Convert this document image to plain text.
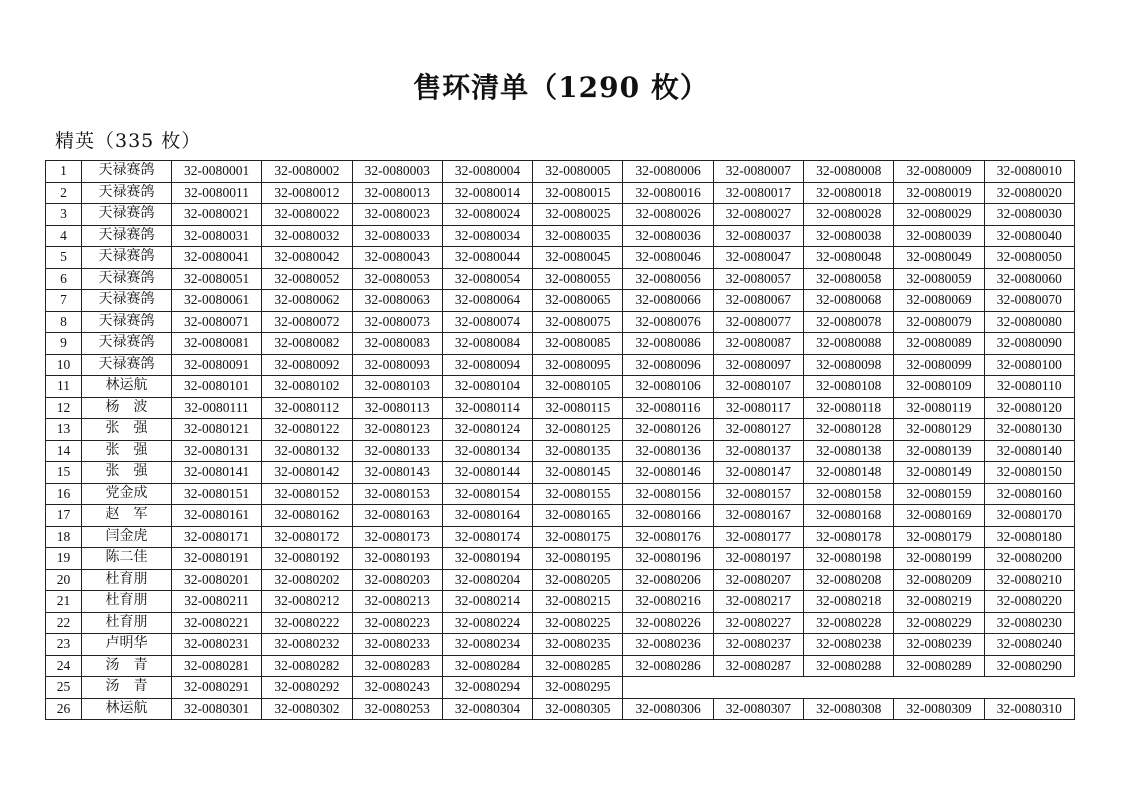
售环清单（1290 枚）
精英（335 枚）
1	天禄赛鸽	32-0080001	32-0080002	32-0080003	32-0080004	32-0080005	32-0080006	32-0080007	32-0080008	32-0080009	32-0080010
2	天禄赛鸽	32-0080011	32-0080012	32-0080013	32-0080014	32-0080015	32-0080016	32-0080017	32-0080018	32-0080019	32-0080020
3	天禄赛鸽	32-0080021	32-0080022	32-0080023	32-0080024	32-0080025	32-0080026	32-0080027	32-0080028	32-0080029	32-0080030
4	天禄赛鸽	32-0080031	32-0080032	32-0080033	32-0080034	32-0080035	32-0080036	32-0080037	32-0080038	32-0080039	32-0080040
5	天禄赛鸽	32-0080041	32-0080042	32-0080043	32-0080044	32-0080045	32-0080046	32-0080047	32-0080048	32-0080049	32-0080050
6	天禄赛鸽	32-0080051	32-0080052	32-0080053	32-0080054	32-0080055	32-0080056	32-0080057	32-0080058	32-0080059	32-0080060
7	天禄赛鸽	32-0080061	32-0080062	32-0080063	32-0080064	32-0080065	32-0080066	32-0080067	32-0080068	32-0080069	32-0080070
8	天禄赛鸽	32-0080071	32-0080072	32-0080073	32-0080074	32-0080075	32-0080076	32-0080077	32-0080078	32-0080079	32-0080080
9	天禄赛鸽	32-0080081	32-0080082	32-0080083	32-0080084	32-0080085	32-0080086	32-0080087	32-0080088	32-0080089	32-0080090
10	天禄赛鸽	32-0080091	32-0080092	32-0080093	32-0080094	32-0080095	32-0080096	32-0080097	32-0080098	32-0080099	32-0080100
11	林运航	32-0080101	32-0080102	32-0080103	32-0080104	32-0080105	32-0080106	32-0080107	32-0080108	32-0080109	32-0080110
12	杨　波	32-0080111	32-0080112	32-0080113	32-0080114	32-0080115	32-0080116	32-0080117	32-0080118	32-0080119	32-0080120
13	张　强	32-0080121	32-0080122	32-0080123	32-0080124	32-0080125	32-0080126	32-0080127	32-0080128	32-0080129	32-0080130
14	张　强	32-0080131	32-0080132	32-0080133	32-0080134	32-0080135	32-0080136	32-0080137	32-0080138	32-0080139	32-0080140
15	张　强	32-0080141	32-0080142	32-0080143	32-0080144	32-0080145	32-0080146	32-0080147	32-0080148	32-0080149	32-0080150
16	党金成	32-0080151	32-0080152	32-0080153	32-0080154	32-0080155	32-0080156	32-0080157	32-0080158	32-0080159	32-0080160
17	赵　军	32-0080161	32-0080162	32-0080163	32-0080164	32-0080165	32-0080166	32-0080167	32-0080168	32-0080169	32-0080170
18	闫金虎	32-0080171	32-0080172	32-0080173	32-0080174	32-0080175	32-0080176	32-0080177	32-0080178	32-0080179	32-0080180
19	陈二佳	32-0080191	32-0080192	32-0080193	32-0080194	32-0080195	32-0080196	32-0080197	32-0080198	32-0080199	32-0080200
20	杜育朋	32-0080201	32-0080202	32-0080203	32-0080204	32-0080205	32-0080206	32-0080207	32-0080208	32-0080209	32-0080210
21	杜育朋	32-0080211	32-0080212	32-0080213	32-0080214	32-0080215	32-0080216	32-0080217	32-0080218	32-0080219	32-0080220
22	杜育朋	32-0080221	32-0080222	32-0080223	32-0080224	32-0080225	32-0080226	32-0080227	32-0080228	32-0080229	32-0080230
23	卢明华	32-0080231	32-0080232	32-0080233	32-0080234	32-0080235	32-0080236	32-0080237	32-0080238	32-0080239	32-0080240
24	汤　青	32-0080281	32-0080282	32-0080283	32-0080284	32-0080285	32-0080286	32-0080287	32-0080288	32-0080289	32-0080290
25	汤　青	32-0080291	32-0080292	32-0080243	32-0080294	32-0080295					
26	林运航	32-0080301	32-0080302	32-0080253	32-0080304	32-0080305	32-0080306	32-0080307	32-0080308	32-0080309	32-0080310
